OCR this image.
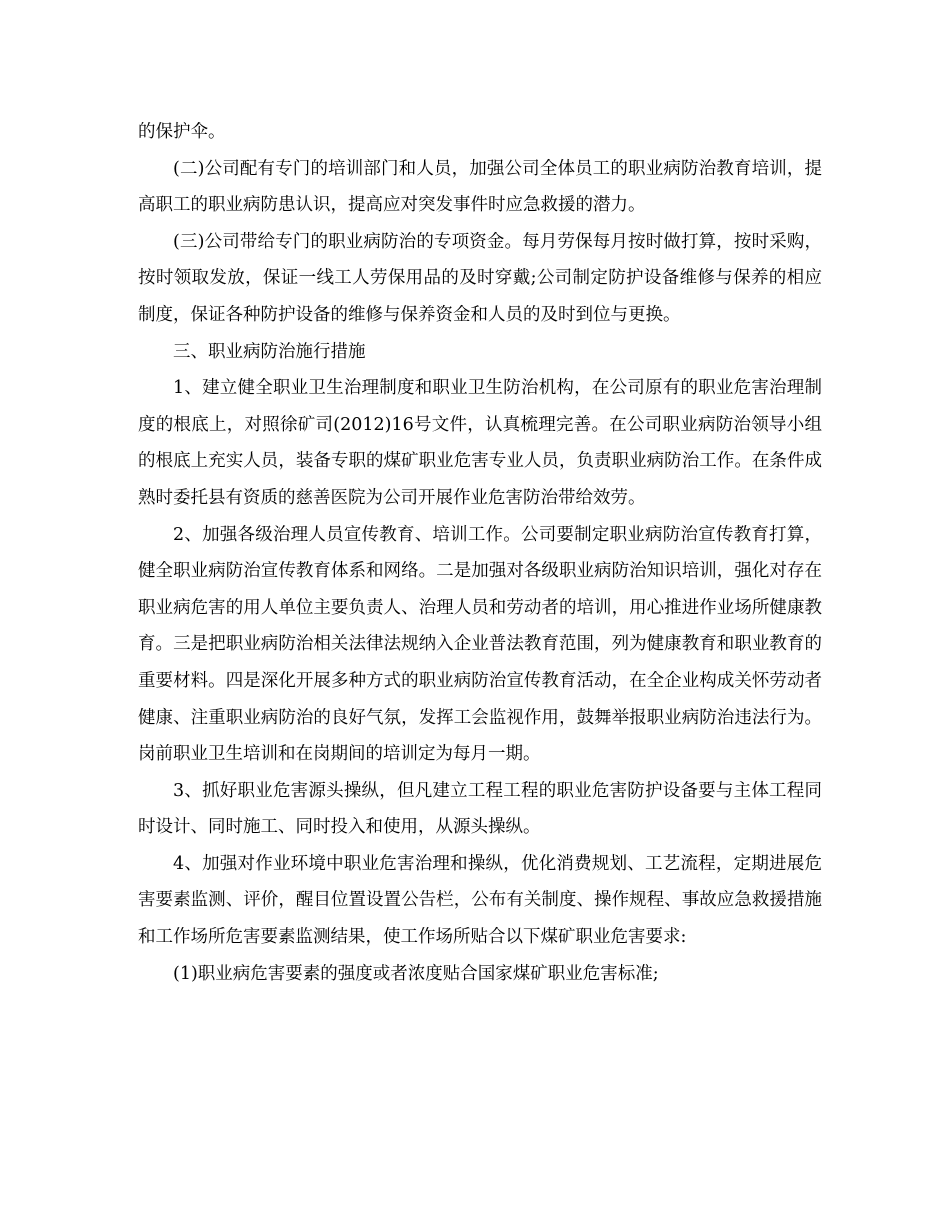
的保护伞。

(二)公司配有专门的培训部门和人员，加强公司全体员工的职业病防治教育培训，提高职工的职业病防患认识，提高应对突发事件时应急救援的潜力。

(三)公司带给专门的职业病防治的专项资金。每月劳保每月按时做打算，按时采购，按时领取发放，保证一线工人劳保用品的及时穿戴;公司制定防护设备维修与保养的相应制度，保证各种防护设备的维修与保养资金和人员的及时到位与更换。

三、职业病防治施行措施

1、建立健全职业卫生治理制度和职业卫生防治机构，在公司原有的职业危害治理制度的根底上，对照徐矿司(2012)16号文件，认真梳理完善。在公司职业病防治领导小组的根底上充实人员，装备专职的煤矿职业危害专业人员，负责职业病防治工作。在条件成熟时委托县有资质的慈善医院为公司开展作业危害防治带给效劳。

2、加强各级治理人员宣传教育、培训工作。公司要制定职业病防治宣传教育打算，健全职业病防治宣传教育体系和网络。二是加强对各级职业病防治知识培训，强化对存在职业病危害的用人单位主要负责人、治理人员和劳动者的培训，用心推进作业场所健康教育。三是把职业病防治相关法律法规纳入企业普法教育范围，列为健康教育和职业教育的重要材料。四是深化开展多种方式的职业病防治宣传教育活动，在全企业构成关怀劳动者健康、注重职业病防治的良好气氛，发挥工会监视作用，鼓舞举报职业病防治违法行为。岗前职业卫生培训和在岗期间的培训定为每月一期。

3、抓好职业危害源头操纵，但凡建立工程工程的职业危害防护设备要与主体工程同时设计、同时施工、同时投入和使用，从源头操纵。

4、加强对作业环境中职业危害治理和操纵，优化消费规划、工艺流程，定期进展危害要素监测、评价，醒目位置设置公告栏，公布有关制度、操作规程、事故应急救援措施和工作场所危害要素监测结果，使工作场所贴合以下煤矿职业危害要求:

(1)职业病危害要素的强度或者浓度贴合国家煤矿职业危害标准;
